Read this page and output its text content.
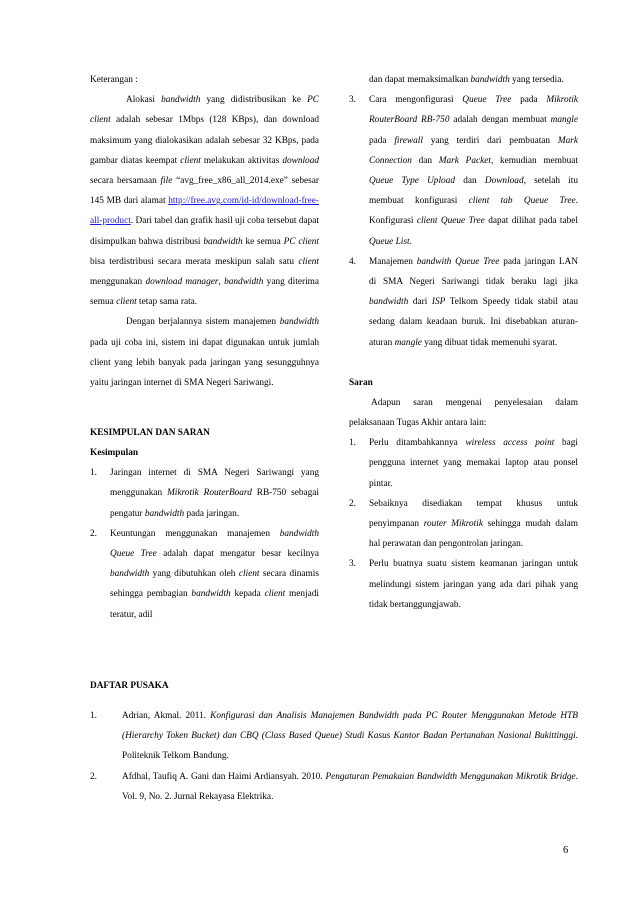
Keterangan :

Alokasi bandwidth yang didistribusikan ke PC client adalah sebesar 1Mbps (128 KBps), dan download maksimum yang dialokasikan adalah sebesar 32 KBps, pada gambar diatas keempat client melakukan aktivitas download secara bersamaan file “avg_free_x86_all_2014.exe” sebesar 145 MB dari alamat http://free.avg.com/id-id/download-free-all-product. Dari tabel dan grafik hasil uji coba tersebut dapat disimpulkan bahwa distribusi bandwidth ke semua PC client bisa terdistribusi secara merata meskipun salah satu client menggunakan download manager, bandwidth yang diterima semua client tetap sama rata.

Dengan berjalannya sistem manajemen bandwidth pada uji coba ini, sistem ini dapat digunakan untuk jumlah client yang lebih banyak pada jaringan yang sesungguhnya yaitu jaringan internet di SMA Negeri Sariwangi.

KESIMPULAN DAN SARAN

Kesimpulan

1. Jaringan internet di SMA Negeri Sariwangi yang menggunakan Mikrotik RouterBoard RB-750 sebagai pengatur bandwidth pada jaringan.
2. Keuntungan menggunakan manajemen bandwidth Queue Tree adalah dapat mengatur besar kecilnya bandwidth yang dibutuhkan oleh client secara dinamis sehingga pembagian bandwidth kepada client menjadi teratur, adil

dan dapat memaksimalkan bandwidth yang tersedia.

3. Cara mengonfigurasi Queue Tree pada Mikrotik RouterBoard RB-750 adalah dengan membuat mangle pada firewall yang terdiri dari pembuatan Mark Connection dan Mark Packet, kemudian membuat Queue Type Upload dan Download, setelah itu membuat konfigurasi client tab Queue Tree. Konfigurasi client Queue Tree dapat dilihat pada tabel Queue List.
4. Manajemen bandwith Queue Tree pada jaringan LAN di SMA Negeri Sariwangi tidak beraku lagi jika bandwidth dari ISP Telkom Speedy tidak stabil atau sedang dalam keadaan buruk. Ini disebabkan aturan-aturan mangle yang dibuat tidak memenuhi syarat.

Saran

Adapun saran mengenai penyelesaian dalam pelaksanaan Tugas Akhir antara lain:

1. Perlu ditambahkannya wireless access point bagi pengguna internet yang memakai laptop atau ponsel pintar.
2. Sebaiknya disediakan tempat khusus untuk penyimpanan router Mikrotik sehingga mudah dalam hal perawatan dan pengontrolan jaringan.
3. Perlu buatnya suatu sistem keamanan jaringan untuk melindungi sistem jaringan yang ada dari pihak yang tidak bertanggungjawab.

DAFTAR PUSAKA

1.	Adrian, Akmal. 2011. Konfigurasi dan Analisis Manajemen Bandwidth pada PC Router Menggunakan Metode HTB (Hierarchy Token Bucket) dan CBQ (Class Based Queue) Studi Kasus Kantor Badan Pertanahan Nasional Bukittinggi. Politeknik Telkom Bandung.
2.	Afdhal, Taufiq A. Gani dan Haimi Ardiansyah. 2010. Pengaturan Pemakaian Bandwidth Menggunakan Mikrotik Bridge. Vol. 9, No. 2. Jurnal Rekayasa Elektrika.
6
